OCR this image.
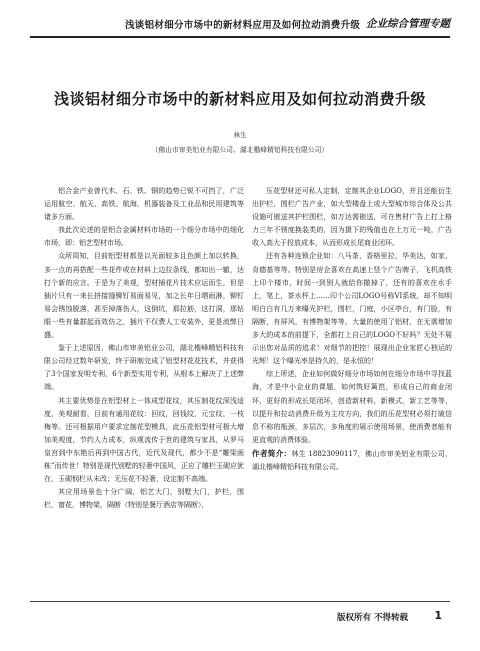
浅谈铝材细分市场中的新材料应用及如何拉动消费升级 企业综合管理专题
浅谈铝材细分市场中的新材料应用及如何拉动消费升级
林生
（佛山市审美铝业有限公司、湖北楷峰精铝科技有限公司）

铝合金产业曾代木、石、铁、钢的趋势已锐不可挡了，广泛运用航空、航天、高铁、航海，机器装备及工业品和民用建筑等诸多方面。

我此次论述的是铝合金属材料市场的一个细分市场中的细化市场，即：铝艺型材市场。

众所周知，目前铝型材都是以光面较多且色颜上加以转换，多一点的再搭配一些花件或在材料上边拉条线，都如出一辙，达打个新的应言。于是为了美观，型材插花片技术应运而生，但是插片只有一来长挤接缝铆钉易面易见，加之长年日晒雨淋，铆钉易会锈蚀脱落，甚至掉落伤人，这倒坑，那拉筋，这打洞，那钻眼一些有量群起而效仿之，插片不仅费人工安装外，更是流弊日盛。

鉴于上述原因，佛山市审美铝业公司，湖北楷峰精铝科技有限公司经过数年研发，终于研制完成了铝型材花花技术，并获得了3个国家发明专利，6个新型实用专利，从根本上解决了上述弊端。

其主要优势是在铝型材上一体成型花纹，其压制花纹深浅适度，美观耐看，目前有通用花纹：回纹，回钱纹，元宝纹，一枝梅等。还可根据用户要求定制花型模具，此压花铝型材可极大增加美观度，节约人力成本，纵观流传于世的建筑与家具，从罗马皇宫到中东艳后再到中国古代，近代及现代，都少不是“雕梁画栋”而传世！特别是现代别墅的轻奢中国风，正应了雕栏玉砌应犹在，玉砌悯栏从未改；无压花不轻奢，设定制不高端。

其应用场景也十分广阔，铝艺大门，别墅大门，护栏，围栏，窗花，博物架，隔断（特别是餐厅酒店等隔断），

压花型材还可私人定制，定制其企业LOGO，并且还能衍生出护栏，围栏广告产业，如大型楼盘上或大型城市综合体及公共设施可嵌送其护栏围栏，如万达需嵌送，可在售材广告上打上格力三年不锈度换装类的，因为摄下的残值也在上万元一吨，广告收入高大于投放成本，从而形成长尾商业闭环。

还有各种连锁企业如：八马茶，香格里拉，华美达，如家，肯德基等等。特别是房企喜欢在高速上竖个广告牌子，飞机高铁上印个楼市，时间一到别人就给你撤掉了，还有的喜欢在水手上，笔上，茶水杯上……印个公司LOGO号称VI系统，却不知明明白白有几万来曝光护栏，围栏，门庭，小区亭台，有门脸，有隔断，有屏风，有博物架等等，大量的使用了铝材，在无需增加多大的成本的前提下，全都打上自己的LOGO不好吗？无处不展示出您对品质的追求！对细节的把控！展现出企业家匠心独运的光辉！这个曝光率是持久的，是永恒的！

综上所述，企业如何做好细分市场如何在细分市场中寻找蓝海，才是中小企业的课题，如何筑好篱笆，形成自己的商业闭环，更好的形成长尾闭环，创造新材料，新模式，新工艺等等，以提升和拉动消费升级为主攻方向，我们的压花型材必须打破信息不称的瓶颈，多层次，多角度的展示使用场景，使消费者能有更直观的消费体验。

作者简介：林生 18823090117，佛山市审美铝业有限公司，湖北楷峰精铝科技有限公司。

版权所有 不得转载 1
